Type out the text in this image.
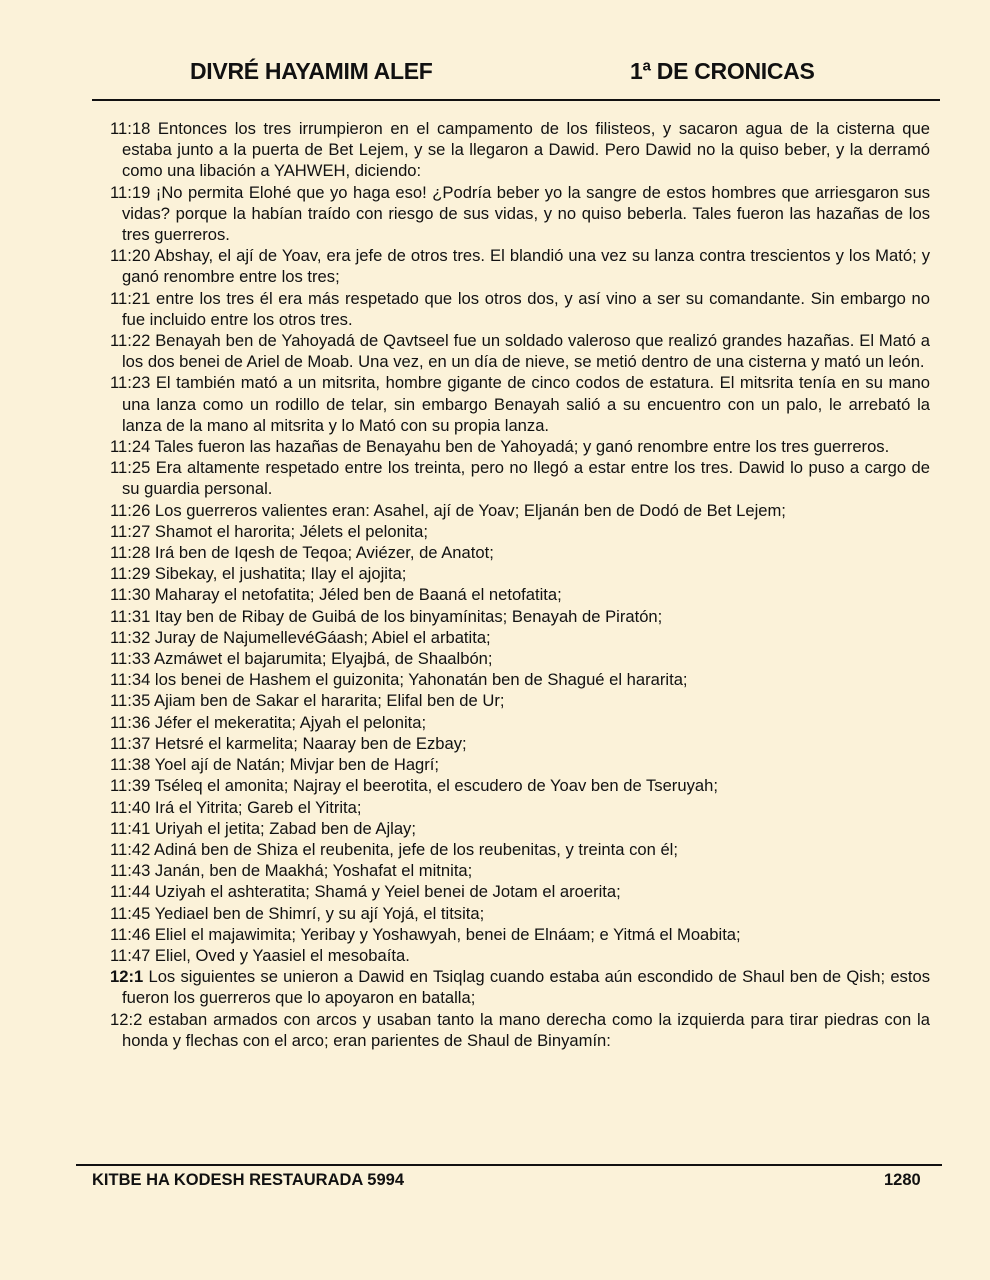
DIVRÉ HAYAMIM ALEF	1ª DE CRONICAS

11:18 Entonces los tres irrumpieron en el campamento de los filisteos, y sacaron agua de la cisterna que estaba junto a la puerta de Bet Lejem, y se la llegaron a Dawid. Pero Dawid no la quiso beber, y la derramó como una libación a YAHWEH, diciendo:

11:19 ¡No permita Elohé que yo haga eso! ¿Podría beber yo la sangre de estos hombres que arriesgaron sus vidas? porque la habían traído con riesgo de sus vidas, y no quiso beberla. Tales fueron las hazañas de los tres guerreros.

11:20 Abshay, el ají de Yoav, era jefe de otros tres. El blandió una vez su lanza contra trescientos y los Mató; y ganó renombre entre los tres;

11:21 entre los tres él era más respetado que los otros dos, y así vino a ser su comandante. Sin embargo no fue incluido entre los otros tres.

11:22 Benayah ben de Yahoyadá de Qavtseel fue un soldado valeroso que realizó grandes hazañas. El Mató a los dos benei de Ariel de Moab. Una vez, en un día de nieve, se metió dentro de una cisterna y mató un león.

11:23 El también mató a un mitsrita, hombre gigante de cinco codos de estatura. El mitsrita tenía en su mano una lanza como un rodillo de telar, sin embargo Benayah salió a su encuentro con un palo, le arrebató la lanza de la mano al mitsrita y lo Mató con su propia lanza.

11:24 Tales fueron las hazañas de Benayahu ben de Yahoyadá; y ganó renombre entre los tres guerreros.

11:25 Era altamente respetado entre los treinta, pero no llegó a estar entre los tres. Dawid lo puso a cargo de su guardia personal.

11:26 Los guerreros valientes eran: Asahel, ají de Yoav; Eljanán ben de Dodó de Bet Lejem;

11:27 Shamot el harorita; Jélets el pelonita;

11:28 Irá ben de Iqesh de Teqoa; Aviézer, de Anatot;

11:29 Sibekay, el jushatita; Ilay el ajojita;

11:30 Maharay el netofatita; Jéled ben de Baaná el netofatita;

11:31 Itay ben de Ribay de Guibá de los binyamínitas; Benayah de Piratón;

11:32 Juray de NajumellevéGáash; Abiel el arbatita;

11:33 Azmáwet el bajarumita; Elyajbá, de Shaalbón;

11:34 los benei de Hashem el guizonita; Yahonatán ben de Shagué el hararita;

11:35 Ajiam ben de Sakar el hararita; Elifal ben de Ur;

11:36 Jéfer el mekeratita; Ajyah el pelonita;

11:37 Hetsré el karmelita; Naaray ben de Ezbay;

11:38 Yoel ají de Natán; Mivjar ben de Hagrí;

11:39 Tséleq el amonita; Najray el beerotita, el escudero de Yoav ben de Tseruyah;

11:40 Irá el Yitrita; Gareb el Yitrita;

11:41 Uriyah el jetita; Zabad ben de Ajlay;

11:42 Adiná ben de Shiza el reubenita, jefe de los reubenitas, y treinta con él;

11:43 Janán, ben de Maakhá; Yoshafat el mitnita;

11:44 Uziyah el ashteratita; Shamá y Yeiel benei de Jotam el aroerita;

11:45 Yediael ben de Shimrí, y su ají Yojá, el titsita;

11:46 Eliel el majawimita; Yeribay y Yoshawyah, benei de Elnáam; e Yitmá el Moabita;

11:47 Eliel, Oved y Yaasiel el mesobaíta.

12:1 Los siguientes se unieron a Dawid en Tsiqlag cuando estaba aún escondido de Shaul ben de Qish; estos fueron los guerreros que lo apoyaron en batalla;

12:2 estaban armados con arcos y usaban tanto la mano derecha como la izquierda para tirar piedras con la honda y flechas con el arco; eran parientes de Shaul de Binyamín:

KITBE HA KODESH RESTAURADA 5994	1280
